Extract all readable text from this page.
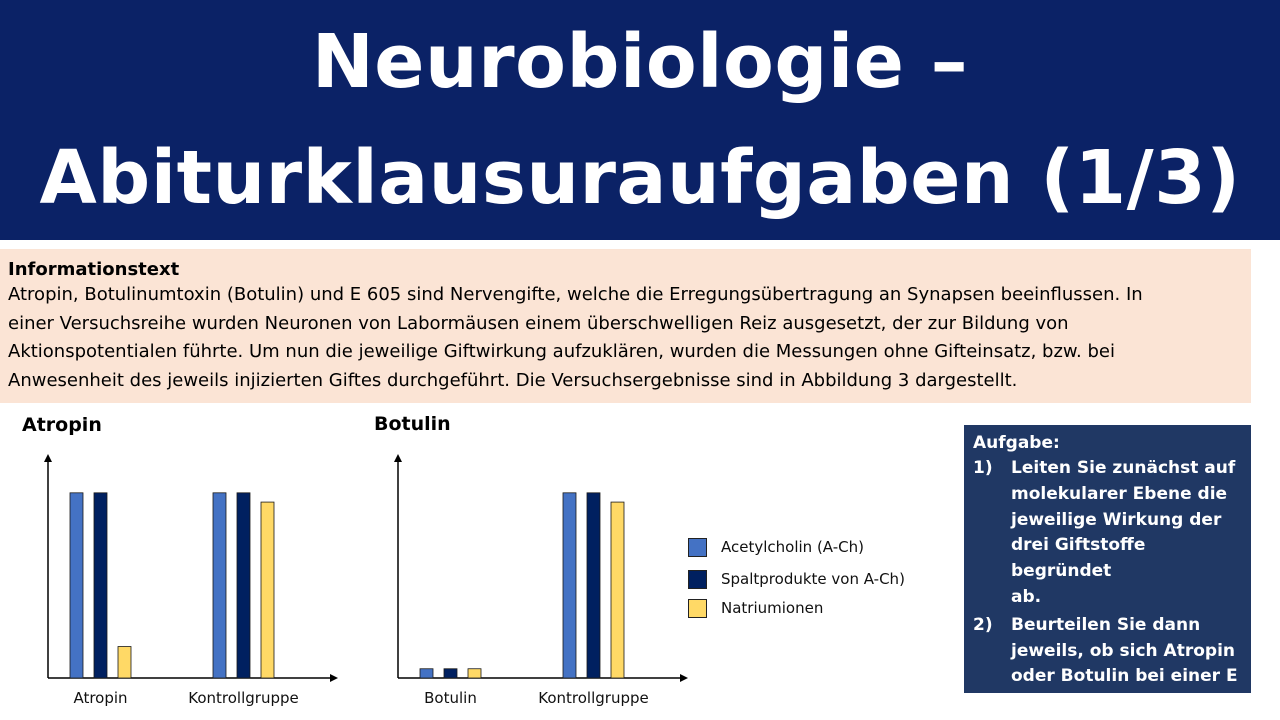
Neurobiologie –
Abiturklausuraufgaben (1/3)
Informationstext
Atropin, Botulinumtoxin (Botulin) und E 605 sind Nervengifte, welche die Erregungsübertragung an Synapsen beeinflussen. In
einer Versuchsreihe wurden Neuronen von Labormäusen einem überschwelligen Reiz ausgesetzt, der zur Bildung von
Aktionspotentialen führte. Um nun die jeweilige Giftwirkung aufzuklären, wurden die Messungen ohne Gifteinsatz, bzw. bei
Anwesenheit des jeweils injizierten Giftes durchgeführt. Die Versuchsergebnisse sind in Abbildung 3 dargestellt.
Atropin	Botulin
Atropin	Kontrollgruppe	Botulin	Kontrollgruppe
Acetylcholin (A-Ch)
Spaltprodukte von A-Ch)
Natriumionen
Aufgabe:
1) Leiten Sie zunächst auf
molekularer Ebene die
jeweilige Wirkung der
drei Giftstoffe begründet
ab.
2) Beurteilen Sie dann
jeweils, ob sich Atropin
oder Botulin bei einer E
605-Vergiftung eignet.
